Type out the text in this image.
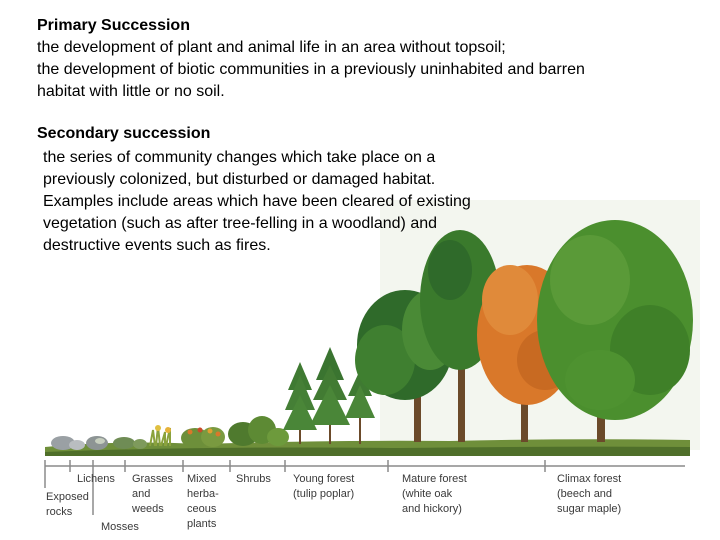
Primary Succession
the development of plant and animal life in an area without topsoil;
the development of biotic communities in a previously uninhabited and barren
habitat with little or no soil.
Secondary succession
Exposed
rocks
Lichens
Mosses
Grasses
and
weeds
Mixed
herba-
ceous
plants
Shrubs Young forest
(tulip poplar)
Mature forest
(white oak
and hickory)
Climax forest
(beech and
sugar maple)
the series of community changes which take place on a
previously colonized, but disturbed or damaged habitat.
Examples include areas which have been cleared of existing
vegetation (such as after tree-felling in a woodland) and
destructive events such as fires.
